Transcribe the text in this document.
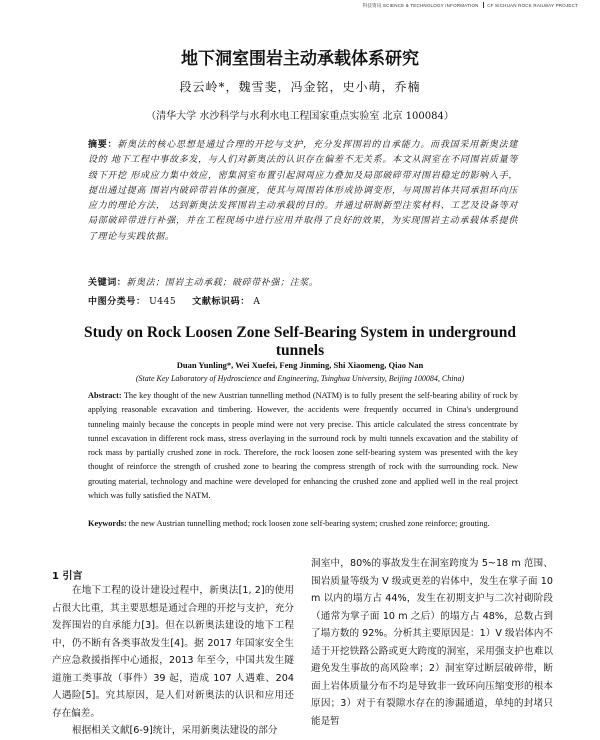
科技资讯 SCIENCE & TECHNOLOGY INFORMATION CF SICHUAN ROCK RAILWAY PROJECT
地下洞室围岩主动承载体系研究
段云岭*，魏雪斐，冯金铭，史小萌，乔楠
（清华大学 水沙科学与水利水电工程国家重点实验室 北京 100084）
摘要：新奥法的核心思想是通过合理的开挖与支护，充分发挥围岩的自承能力。而我国采用新奥法建设的 地下工程中事故多发，与人们对新奥法的认识存在偏差不无关系。本文从洞室在不同围岩质量等级下开挖 形成应力集中效应，密集洞室布置引起洞周应力叠加及局部破碎带对围岩稳定的影响入手，提出通过提高 围岩内破碎带岩体的强度，使其与周围岩体形成协调变形，与周围岩体共同承担环向压应力的理论方法， 达到新奥法发挥围岩主动承载的目的。并通过研制新型注浆材料、工艺及设备等对局部破碎带进行补强，并在工程现场中进行应用并取得了良好的效果，为实现围岩主动承载体系提供了理论与实践依据。
关键词：新奥法；围岩主动承载；破碎带补强；注浆。
中图分类号： U445 文献标识码： A
Study on Rock Loosen Zone Self-Bearing System in underground tunnels
Duan Yunling*, Wei Xuefei, Feng Jinming, Shi Xiaomeng, Qiao Nan
(State Key Laboratory of Hydroscience and Engineering, Tsinghua University, Beijing 100084, China)
Abstract: The key thought of the new Austrian tunnelling method (NATM) is to fully present the self-bearing ability of rock by applying reasonable excavation and timbering. However, the accidents were frequently occurred in China's underground tunneling mainly because the concepts in people mind were not very precise. This article calculated the stress concentrate by tunnel excavation in different rock mass, stress overlaying in the surround rock by multi tunnels excavation and the stability of rock mass by partially crushed zone in rock. Therefore, the rock loosen zone self-bearing system was presented with the key thought of reinforce the strength of crushed zone to bearing the compress strength of rock with the surrounding rock. New grouting material, technology and machine were developed for enhancing the crushed zone and applied well in the real project which was fully satisfied the NATM.
Keywords: the new Austrian tunnelling method; rock loosen zone self-bearing system; crushed zone reinforce; grouting.
1 引言
在地下工程的设计建设过程中，新奥法[1, 2]的使用占很大比重，其主要思想是通过合理的开挖与支护，充分发挥围岩的自承能力[3]。但在以新奥法建设的地下工程中，仍不断有各类事故发生[4]。据 2017 年国家安全生产应急救援指挥中心通报，2013 年至今，中国共发生隧道施工类事故（事件）39 起，造成 107 人遇难、204 人遇险[5]。究其原因，是人们对新奥法的认识和应用还存在偏差。
根据相关文献[6-9]统计，采用新奥法建设的部分
洞室中，80%的事故发生在洞室跨度为 5~18 m 范围、围岩质量等级为 V 级或更差的岩体中，发生在掌子面 10 m 以内的塌方占 44%，发生在初期支护与二次衬砌阶段（通常为掌子面 10 m 之后）的塌方占 48%，总数占到了塌方数的 92%。分析其主要原因是：1）V 级岩体内不适于开挖铁路公路或更大跨度的洞室，采用强支护也难以避免发生事故的高风险率；2）洞室穿过断层破碎带，断面上岩体质量分布不均是导致非一致环向压缩变形的根本原因；3）对于有裂隙水存在的渗漏通道，单纯的封堵只能是暂
